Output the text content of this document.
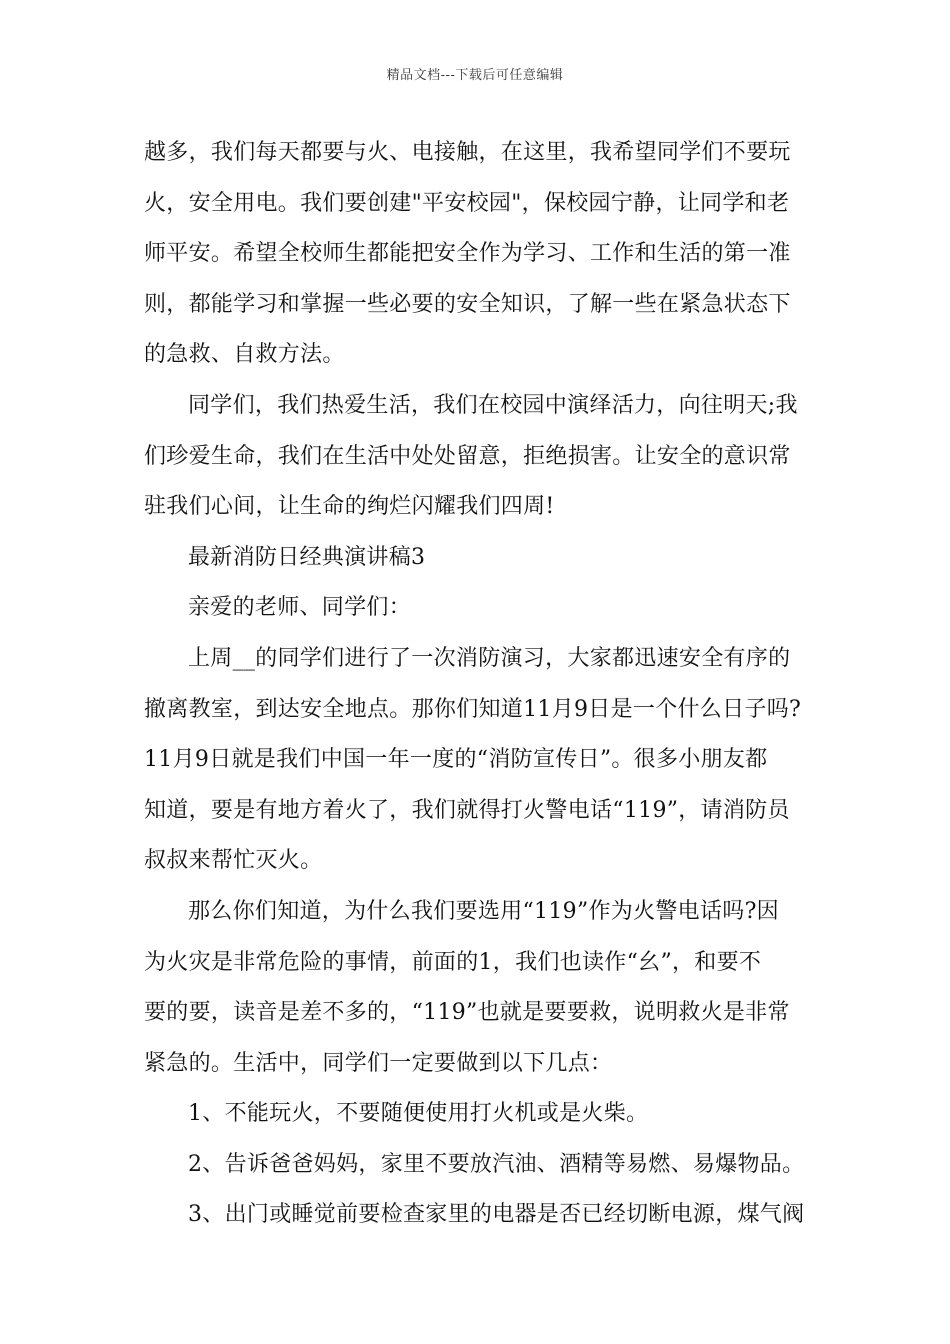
精品文档---下载后可任意编辑
越多，我们每天都要与火、电接触，在这里，我希望同学们不要玩
火，安全用电。我们要创建"平安校园"，保校园宁静，让同学和老
师平安。希望全校师生都能把安全作为学习、工作和生活的第一准
则，都能学习和掌握一些必要的安全知识，了解一些在紧急状态下
的急救、自救方法。
同学们，我们热爱生活，我们在校园中演绎活力，向往明天;我
们珍爱生命，我们在生活中处处留意，拒绝损害。让安全的意识常
驻我们心间，让生命的绚烂闪耀我们四周!
最新消防日经典演讲稿3
亲爱的老师、同学们：
上周__的同学们进行了一次消防演习，大家都迅速安全有序的
撤离教室，到达安全地点。那你们知道11月9日是一个什么日子吗?
11月9日就是我们中国一年一度的“消防宣传日”。很多小朋友都
知道，要是有地方着火了，我们就得打火警电话“119”，请消防员
叔叔来帮忙灭火。
那么你们知道，为什么我们要选用“119”作为火警电话吗?因
为火灾是非常危险的事情，前面的1，我们也读作“幺”，和要不
要的要，读音是差不多的，“119”也就是要要救，说明救火是非常
紧急的。生活中，同学们一定要做到以下几点：
1、不能玩火，不要随便使用打火机或是火柴。
2、告诉爸爸妈妈，家里不要放汽油、酒精等易燃、易爆物品。
3、出门或睡觉前要检查家里的电器是否已经切断电源，煤气阀
